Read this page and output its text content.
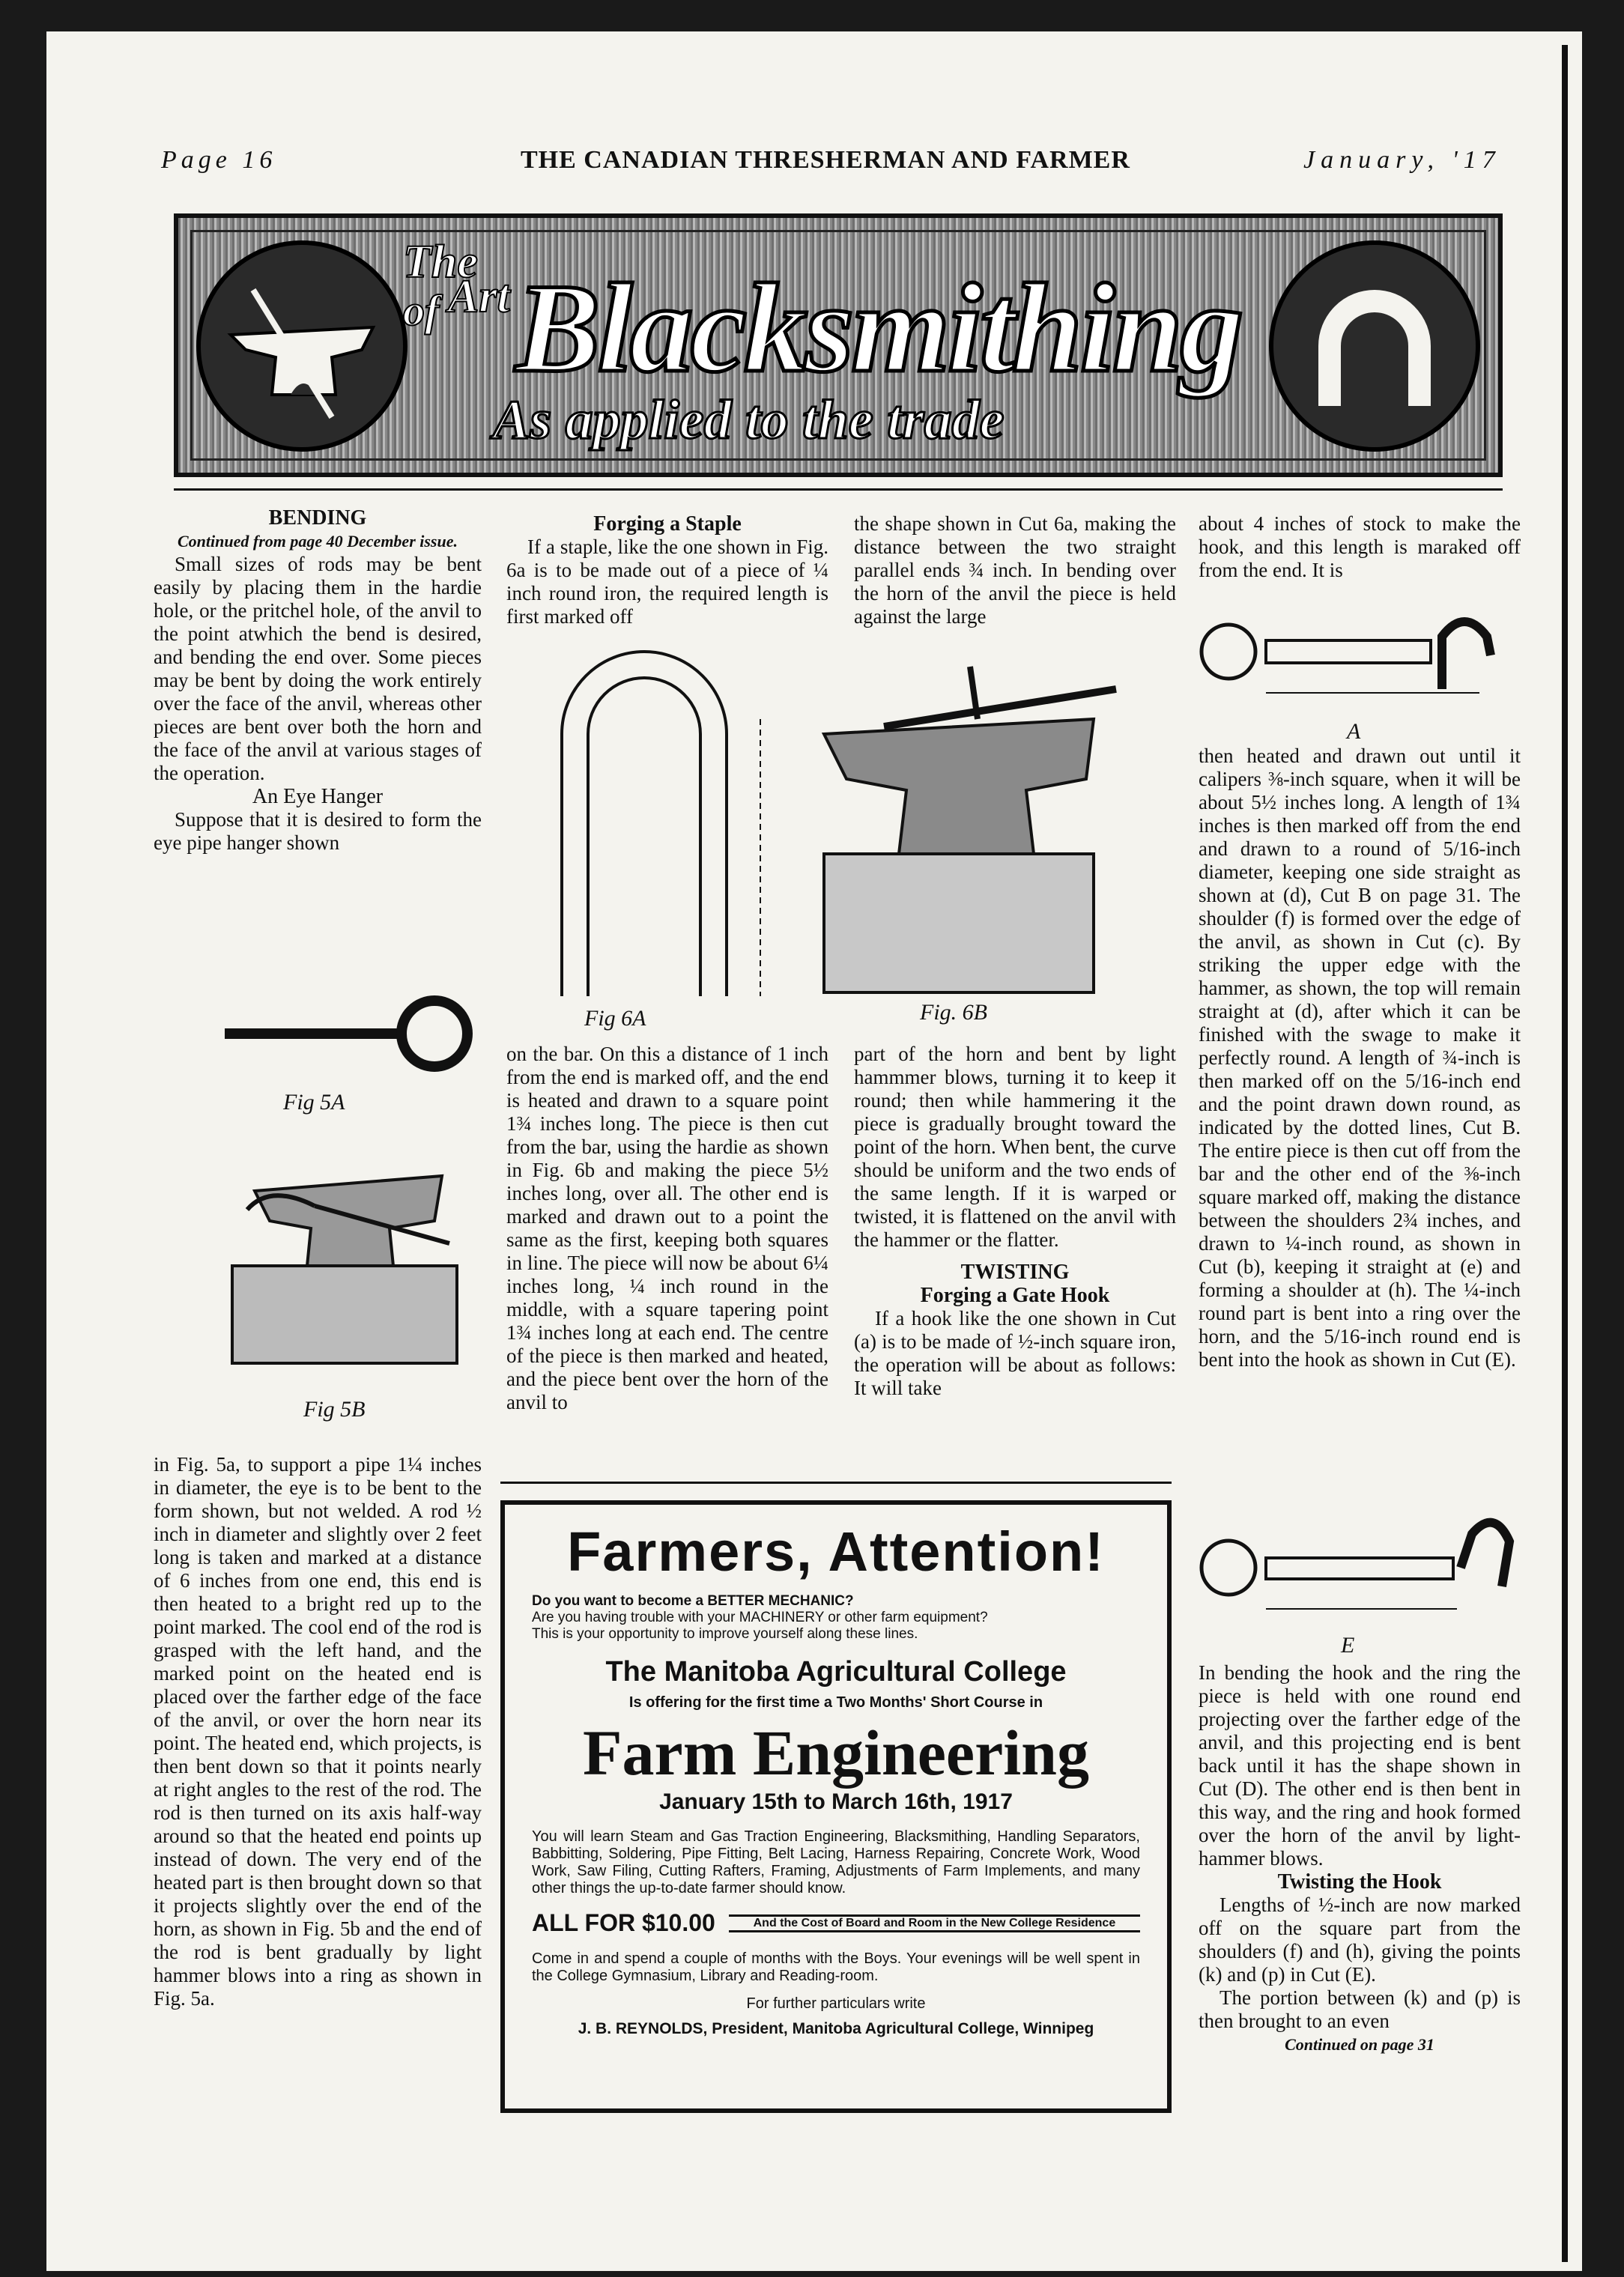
Page 16	THE CANADIAN THRESHERMAN AND FARMER	January, '17
The
of Art Blacksmithing
As applied to the trade
BENDING
Continued from page 40 December issue.

Small sizes of rods may be bent easily by placing them in the hardie hole, or the pritchel hole, of the anvil to the point atwhich the bend is desired, and bending the end over. Some pieces may be bent by doing the work entirely over the face of the anvil, whereas other pieces are bent over both the horn and the face of the anvil at various stages of the operation.

An Eye Hanger

Suppose that it is desired to form the eye pipe hanger shown

Fig 5A
Fig 5B

in Fig. 5a, to support a pipe 1¼ inches in diameter, the eye is to be bent to the form shown, but not welded. A rod ½ inch in diameter and slightly over 2 feet long is taken and marked at a distance of 6 inches from one end, this end is then heated to a bright red up to the point marked. The cool end of the rod is grasped with the left hand, and the marked point on the heated end is placed over the farther edge of the face of the anvil, or over the horn near its point. The heated end, which projects, is then bent down so that it points nearly at right angles to the rest of the rod. The rod is then turned on its axis half-way around so that the heated end points up instead of down. The very end of the heated part is then brought down so that it projects slightly over the end of the horn, as shown in Fig. 5b and the end of the rod is bent gradually by light hammer blows into a ring as shown in Fig. 5a.

Forging a Staple

If a staple, like the one shown in Fig. 6a is to be made out of a piece of ¼ inch round iron, the required length is first marked off

Fig 6A

on the bar. On this a distance of 1 inch from the end is marked off, and the end is heated and drawn to a square point 1¾ inches long. The piece is then cut from the bar, using the hardie as shown in Fig. 6b and making the piece 5½ inches long, over all. The other end is marked and drawn out to a point the same as the first, keeping both squares in line. The piece will now be about 6¼ inches long, ¼ inch round in the middle, with a square tapering point 1¾ inches long at each end. The centre of the piece is then marked and heated, and the piece bent over the horn of the anvil to

the shape shown in Cut 6a, making the distance between the two straight parallel ends ¾ inch. In bending over the horn of the anvil the piece is held against the large

Fig. 6B

part of the horn and bent by light hammmer blows, turning it to keep it round; then while hammering it the piece is gradually brought toward the point of the horn. When bent, the curve should be uniform and the two ends of the same length. If it is warped or twisted, it is flattened on the anvil with the hammer or the flatter.

TWISTING
Forging a Gate Hook

If a hook like the one shown in Cut (a) is to be made of ½-inch square iron, the operation will be about as follows: It will take

about 4 inches of stock to make the hook, and this length is maraked off from the end. It is

A

then heated and drawn out until it calipers ⅜-inch square, when it will be about 5½ inches long. A length of 1¾ inches is then marked off from the end and drawn to a round of 5/16-inch diameter, keeping one side straight as shown at (d), Cut B on page 31. The shoulder (f) is formed over the edge of the anvil, as shown in Cut (c). By striking the upper edge with the hammer, as shown, the top will remain straight at (d), after which it can be finished with the swage to make it perfectly round. A length of ¾-inch is then marked off on the 5/16-inch end and the point drawn down round, as indicated by the dotted lines, Cut B. The entire piece is then cut off from the bar and the other end of the ⅜-inch square marked off, making the distance between the shoulders 2¾ inches, and drawn to ¼-inch round, as shown in Cut (b), keeping it straight at (e) and forming a shoulder at (h). The ¼-inch round part is bent into a ring over the horn, and the 5/16-inch round end is bent into the hook as shown in Cut (E).

E

In bending the hook and the ring the piece is held with one round end projecting over the farther edge of the anvil, and this projecting end is bent back until it has the shape shown in Cut (D). The other end is then bent in this way, and the ring and hook formed over the horn of the anvil by light-hammer blows.

Twisting the Hook

Lengths of ½-inch are now marked off on the square part from the shoulders (f) and (h), giving the points (k) and (p) in Cut (E).

The portion between (k) and (p) is then brought to an even

Continued on page 31
Farmers, Attention!
Do you want to become a BETTER MECHANIC?
Are you having trouble with your MACHINERY or other farm equipment?
This is your opportunity to improve yourself along these lines.
The Manitoba Agricultural College
Is offering for the first time a Two Months' Short Course in
Farm Engineering
January 15th to March 16th, 1917
You will learn Steam and Gas Traction Engineering, Blacksmithing, Handling Separators, Babbitting, Soldering, Pipe Fitting, Belt Lacing, Harness Repairing, Concrete Work, Wood Work, Saw Filing, Cutting Rafters, Framing, Adjustments of Farm Implements, and many other things the up-to-date farmer should know.
ALL FOR $10.00	And the Cost of Board and Room in the New College Residence
Come in and spend a couple of months with the Boys. Your evenings will be well spent in the College Gymnasium, Library and Reading-room.
For further particulars write
J. B. REYNOLDS, President, Manitoba Agricultural College, Winnipeg
